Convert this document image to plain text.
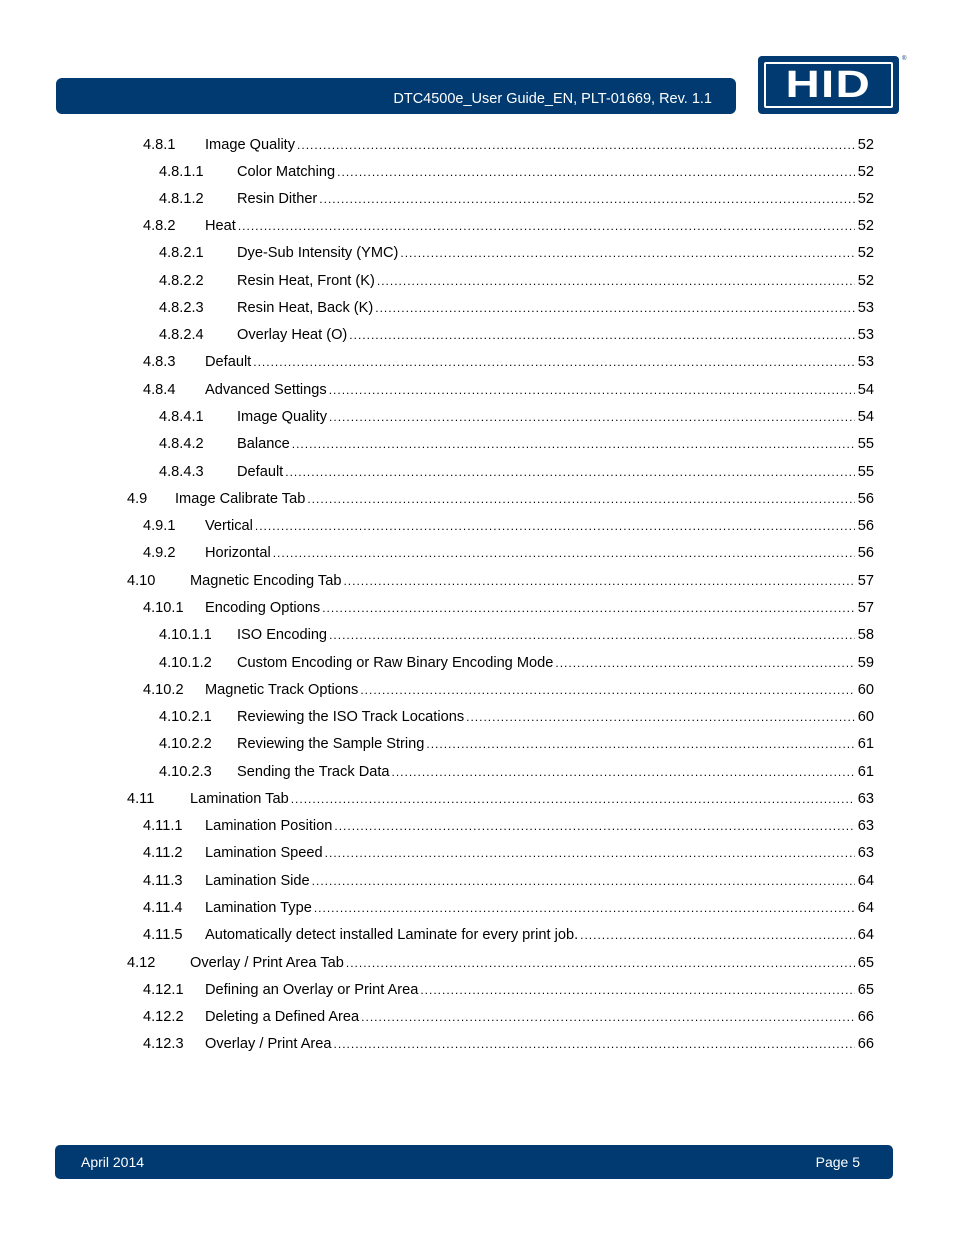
DTC4500e_User Guide_EN, PLT-01669, Rev. 1.1 HID
®
4.8.1 Image Quality .....	52
4.8.1.1 Color Matching .....	52
4.8.1.2 Resin Dither .....	52
4.8.2 Heat .....	52
4.8.2.1 Dye-Sub Intensity (YMC) .....	52
4.8.2.2 Resin Heat, Front (K) .....	52
4.8.2.3 Resin Heat, Back (K) .....	53
4.8.2.4 Overlay Heat (O) .....	53
4.8.3 Default .....	53
4.8.4 Advanced Settings .....	54
4.8.4.1 Image Quality .....	54
4.8.4.2 Balance .....	55
4.8.4.3 Default .....	55
4.9 Image Calibrate Tab .....	56
4.9.1 Vertical .....	56
4.9.2 Horizontal .....	56
4.10 Magnetic Encoding Tab .....	57
4.10.1 Encoding Options .....	57
4.10.1.1 ISO Encoding .....	58
4.10.1.2 Custom Encoding or Raw Binary Encoding Mode .....	59
4.10.2 Magnetic Track Options .....	60
4.10.2.1 Reviewing the ISO Track Locations .....	60
4.10.2.2 Reviewing the Sample String .....	61
4.10.2.3 Sending the Track Data .....	61
4.11 Lamination Tab .....	63
4.11.1 Lamination Position .....	63
4.11.2 Lamination Speed .....	63
4.11.3 Lamination Side .....	64
4.11.4 Lamination Type .....	64
4.11.5 Automatically detect installed Laminate for every print job. .....	64
4.12 Overlay / Print Area Tab .....	65
4.12.1 Defining an Overlay or Print Area .....	65
4.12.2 Deleting a Defined Area .....	66
4.12.3 Overlay / Print Area .....	66
April 2014	Page 5
